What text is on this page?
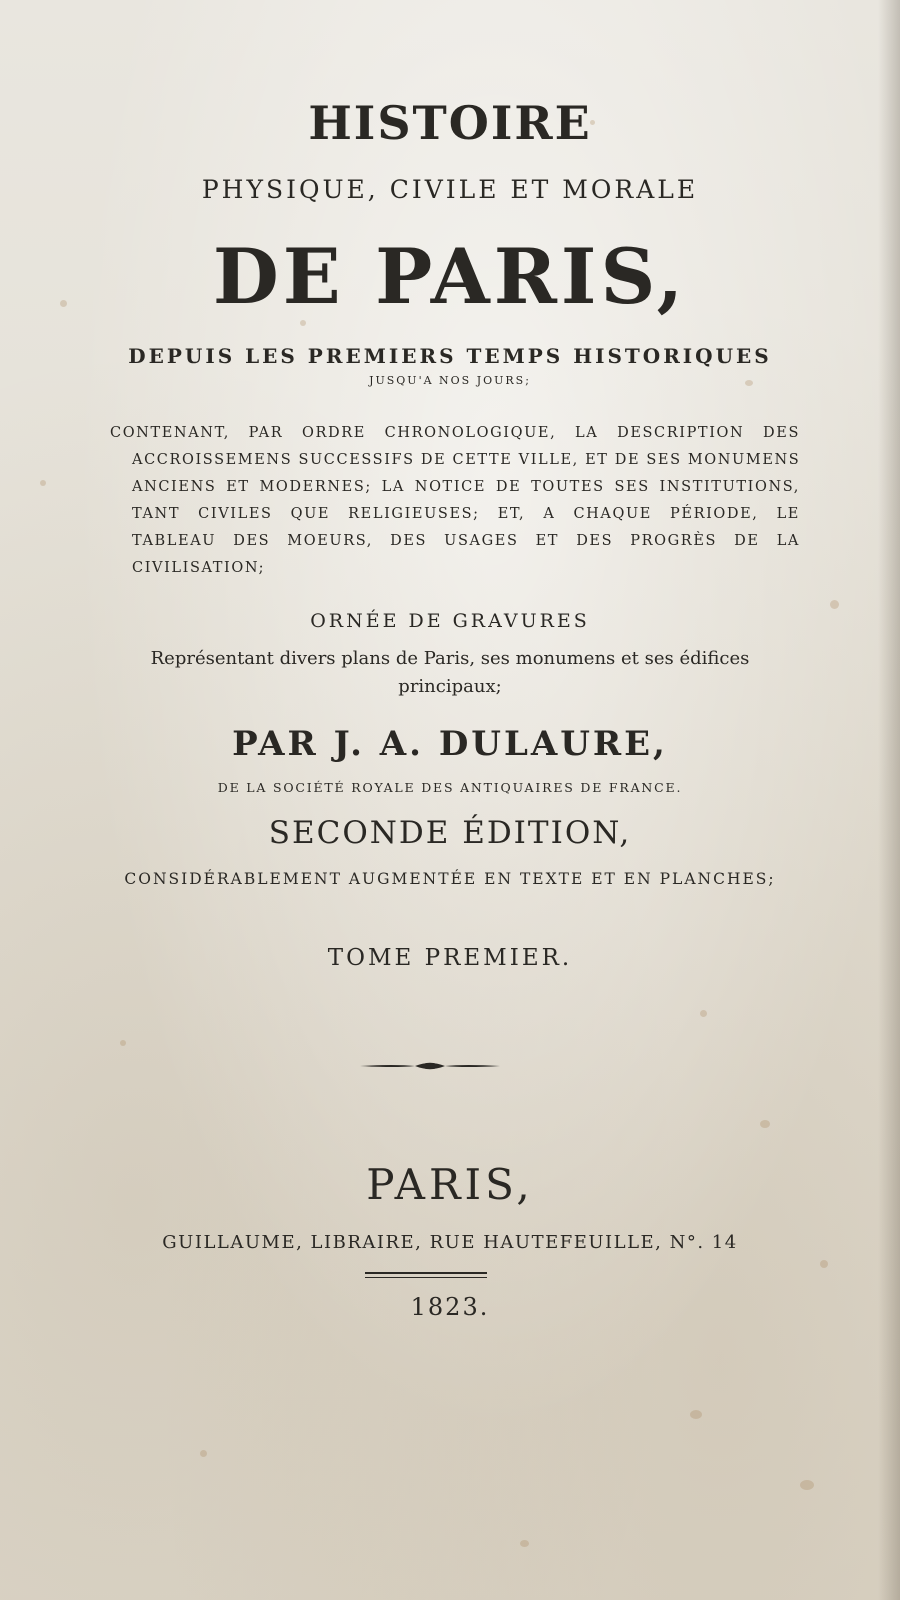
HISTOIRE
PHYSIQUE, CIVILE ET MORALE
DE PARIS,
DEPUIS LES PREMIERS TEMPS HISTORIQUES
JUSQU'A NOS JOURS;
CONTENANT, PAR ORDRE CHRONOLOGIQUE, LA DESCRIPTION DES
ACCROISSEMENS SUCCESSIFS DE CETTE VILLE, ET DE SES MONUMENS
ANCIENS ET MODERNES; LA NOTICE DE TOUTES SES INSTITUTIONS,
TANT CIVILES QUE RELIGIEUSES; ET, A CHAQUE PÉRIODE, LE
TABLEAU DES MOEURS, DES USAGES ET DES PROGRÈS DE LA
CIVILISATION;
ORNÉE DE GRAVURES
Représentant divers plans de Paris, ses monumens et ses édifices
principaux;
PAR J. A. DULAURE,
DE LA SOCIÉTÉ ROYALE DES ANTIQUAIRES DE FRANCE.
SECONDE ÉDITION,
CONSIDÉRABLEMENT AUGMENTÉE EN TEXTE ET EN PLANCHES;
TOME PREMIER.
PARIS,
GUILLAUME, LIBRAIRE, RUE HAUTEFEUILLE, N°. 14
1823.
